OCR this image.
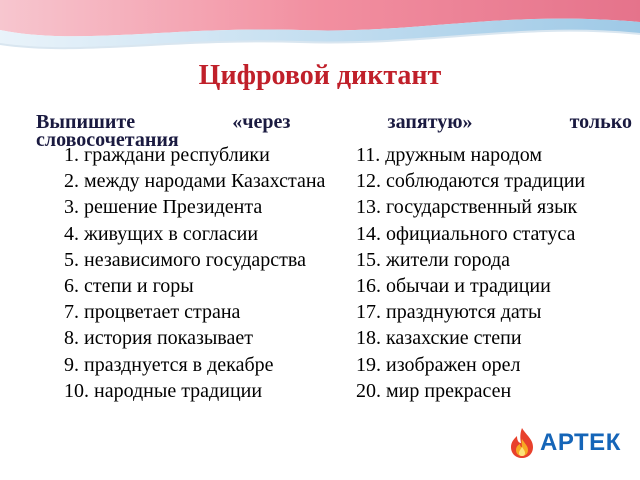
Цифровой диктант
Выпишите	«через	запятую»	только
словосочетания
1. граждани республики
2. между народами Казахстана
3. решение Президента
4. живущих в согласии
5. независимого государства
6. степи и горы
7. процветает страна
8. история показывает
9. празднуется в декабре
10. народные традиции
11. дружным народом
12. соблюдаются традиции
13. государственный язык
14. официального статуса
15. жители города
16. обычаи и традиции
17. празднуются даты
18. казахские степи
19. изображен орел
20. мир прекрасен
АРТЕК
